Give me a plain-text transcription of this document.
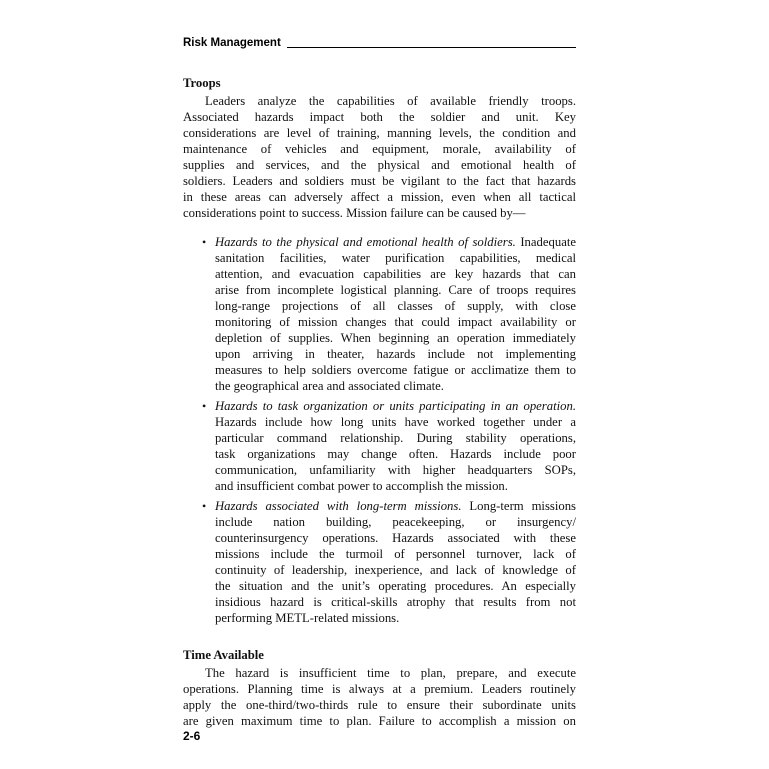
Risk Management
Troops
Leaders analyze the capabilities of available friendly troops.
Associated hazards impact both the soldier and unit. Key
considerations are level of training, manning levels, the condition and
maintenance of vehicles and equipment, morale, availability of
supplies and services, and the physical and emotional health of
soldiers. Leaders and soldiers must be vigilant to the fact that hazards
in these areas can adversely affect a mission, even when all tactical
considerations point to success. Mission failure can be caused by—
• Hazards to the physical and emotional health of soldiers. Inadequate
sanitation facilities, water purification capabilities, medical
attention, and evacuation capabilities are key hazards that can
arise from incomplete logistical planning. Care of troops requires
long-range projections of all classes of supply, with close
monitoring of mission changes that could impact availability or
depletion of supplies. When beginning an operation immediately
upon arriving in theater, hazards include not implementing
measures to help soldiers overcome fatigue or acclimatize them to
the geographical area and associated climate.
• Hazards to task organization or units participating in an operation.
Hazards include how long units have worked together under a
particular command relationship. During stability operations,
task organizations may change often. Hazards include poor
communication, unfamiliarity with higher headquarters SOPs,
and insufficient combat power to accomplish the mission.
• Hazards associated with long-term missions. Long-term missions
include nation building, peacekeeping, or insurgency/
counterinsurgency operations. Hazards associated with these
missions include the turmoil of personnel turnover, lack of
continuity of leadership, inexperience, and lack of knowledge of
the situation and the unit’s operating procedures. An especially
insidious hazard is critical-skills atrophy that results from not
performing METL-related missions.
Time Available
The hazard is insufficient time to plan, prepare, and execute
operations. Planning time is always at a premium. Leaders routinely
apply the one-third/two-thirds rule to ensure their subordinate units
are given maximum time to plan. Failure to accomplish a mission on
2-6
